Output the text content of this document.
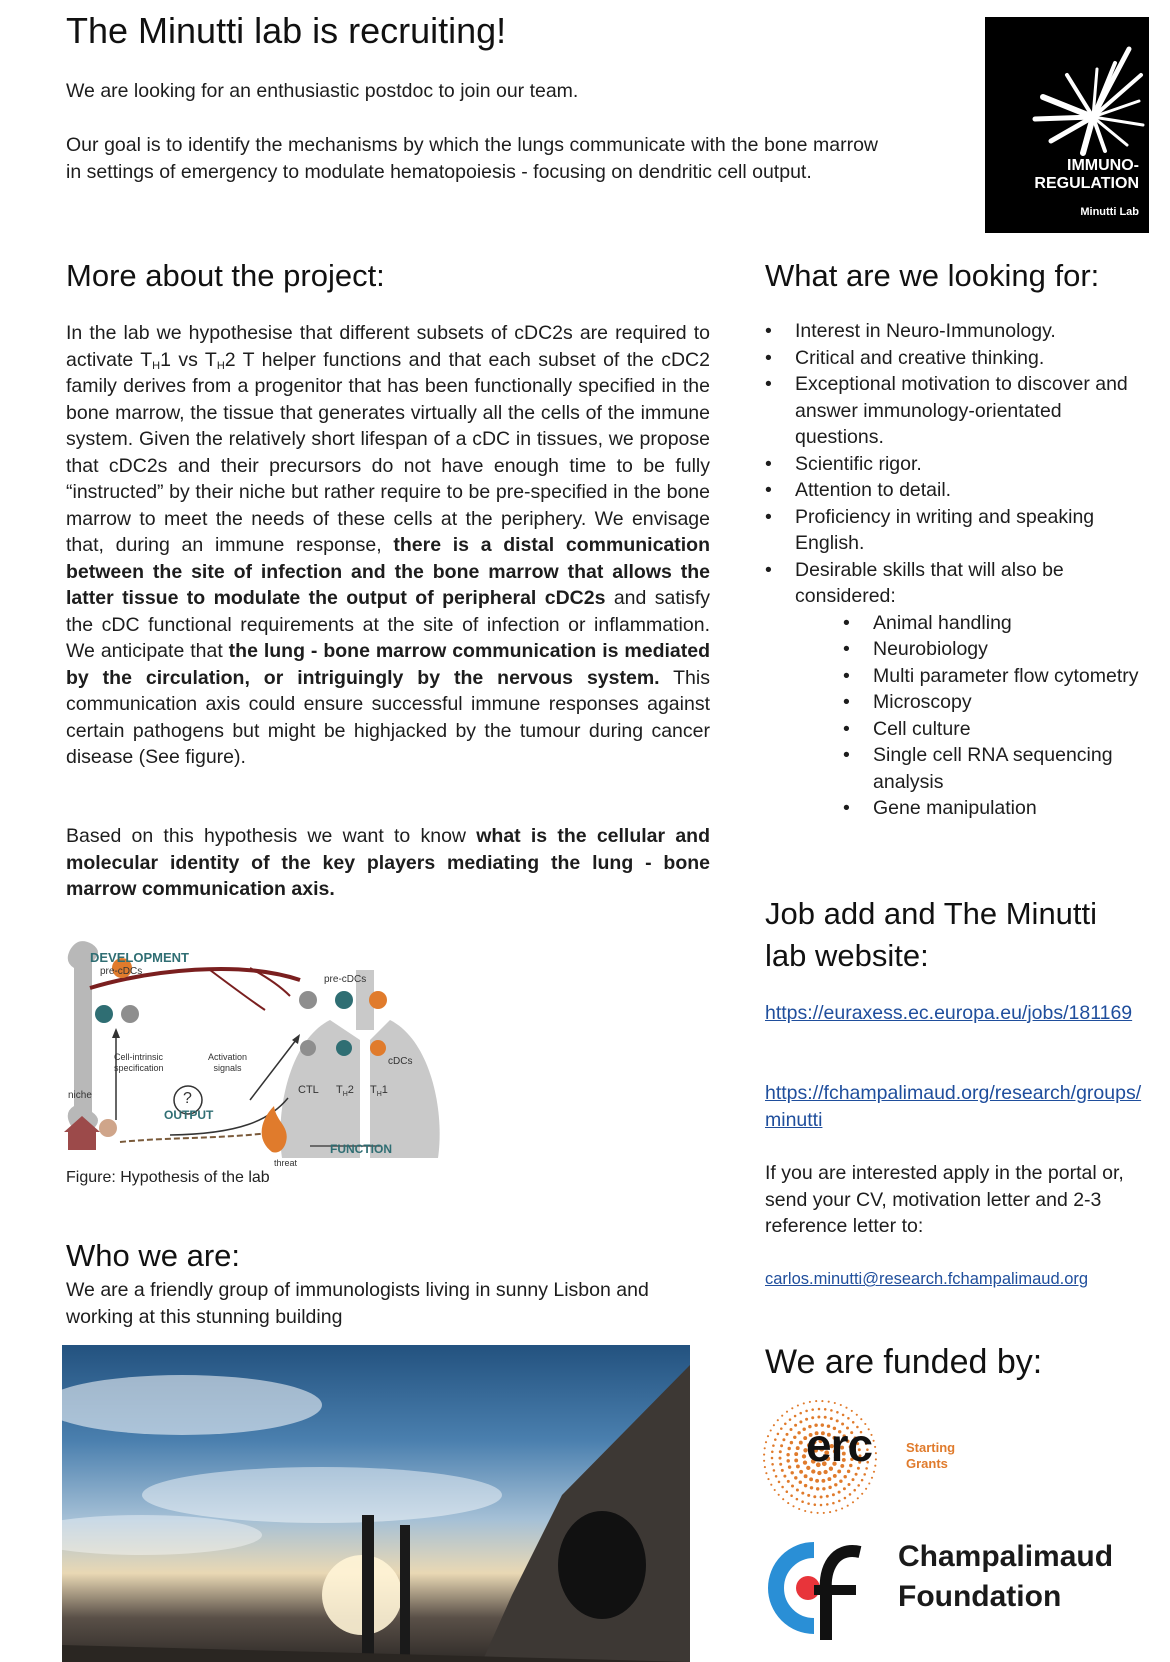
The Minutti lab is recruiting!

We are looking for an enthusiastic postdoc to join our team.

Our goal is to identify the mechanisms by which the lungs communicate with the bone marrow in settings of emergency to modulate hematopoiesis - focusing on dendritic cell output.	IMMUNO-
REGULATION
Minutti Lab
More about the project:

In the lab we hypothesise that different subsets of cDC2s are required to activate $T_H1$ vs $T_H2$ T helper functions and that each subset of the cDC2 family derives from a progenitor that has been functionally specified in the bone marrow, the tissue that generates virtually all the cells of the immune system. Given the relatively short lifespan of a cDC in tissues, we propose that cDC2s and their precursors do not have enough time to be fully “instructed” by their niche but rather require to be pre-specified in the bone marrow to meet the needs of these cells at the periphery. We envisage that, during an immune response, there is a distal communication between the site of infection and the bone marrow that allows the latter tissue to modulate the output of peripheral cDC2s and satisfy the cDC functional requirements at the site of infection or inflammation. We anticipate that the lung - bone marrow communication is mediated by the circulation, or intriguingly by the nervous system. This communication axis could ensure successful immune responses against certain pathogens but might be highjacked by the tumour during cancer disease (See figure).

Based on this hypothesis we want to know what is the cellular and molecular identity of the key players mediating the lung - bone marrow communication axis.

DEVELOPMENT
pre-cDCs
pre-cDCs
Cell-intrinsic
specification
Activation
signals
niche	?
OUTPUT
cDCs
CTL $T_H2$ $T_H1$
FUNCTION
threat

Figure: Hypothesis of the lab

Who we are:

We are a friendly group of immunologists living in sunny Lisbon and working at this stunning building

What are we looking for:
• Interest in Neuro-Immunology.
• Critical and creative thinking.
• Exceptional motivation to discover and answer immunology-orientated questions.
• Scientific rigor.
• Attention to detail.
• Proficiency in writing and speaking English.
• Desirable skills that will also be considered:
• Animal handling
• Neurobiology
• Multi parameter flow cytometry
• Microscopy
• Cell culture
• Single cell RNA sequencing analysis
• Gene manipulation
Job add and The Minutti
lab website:
https://euraxess.ec.europa.eu/jobs/181169
https://fchampalimaud.org/research/groups/minutti

If you are interested apply in the portal or, send your CV, motivation letter and 2-3 reference letter to:

carlos.minutti@research.fchampalimaud.org
We are funded by:

erc	Starting
Grants

Champalimaud
Foundation
